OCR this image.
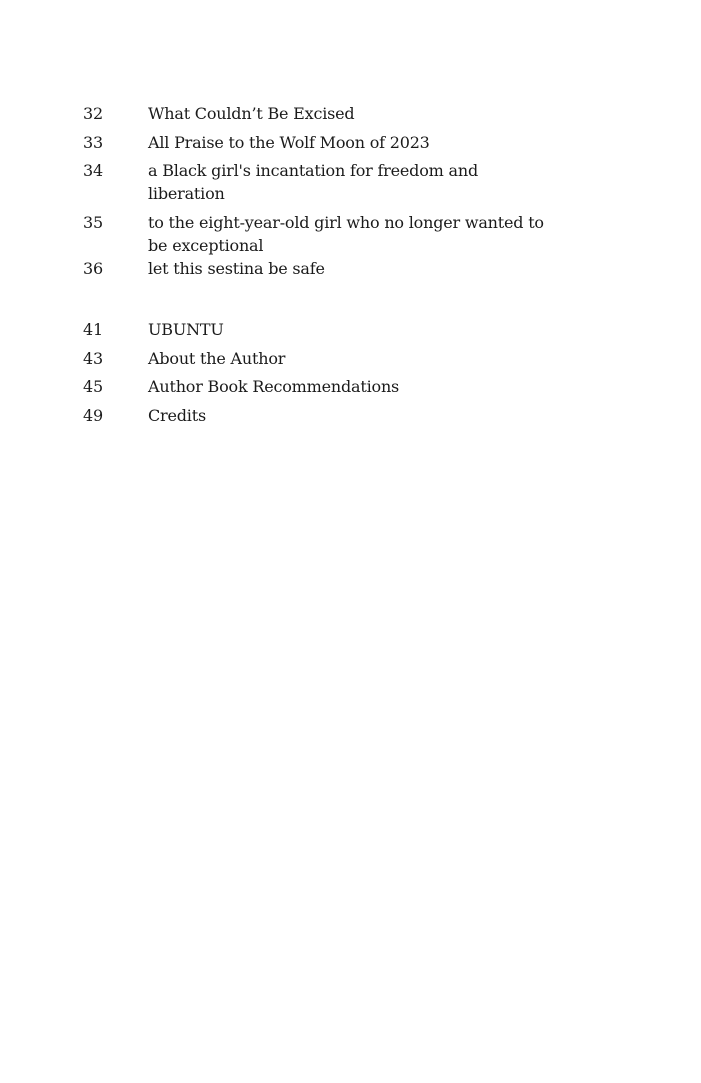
32	What Couldn’t Be Excised
33	All Praise to the Wolf Moon of 2023
34	a Black girl's incantation for freedom and liberation
35	to the eight-year-old girl who no longer wanted to be exceptional
36	let this sestina be safe
41	UBUNTU
43	About the Author
45	Author Book Recommendations
49	Credits
